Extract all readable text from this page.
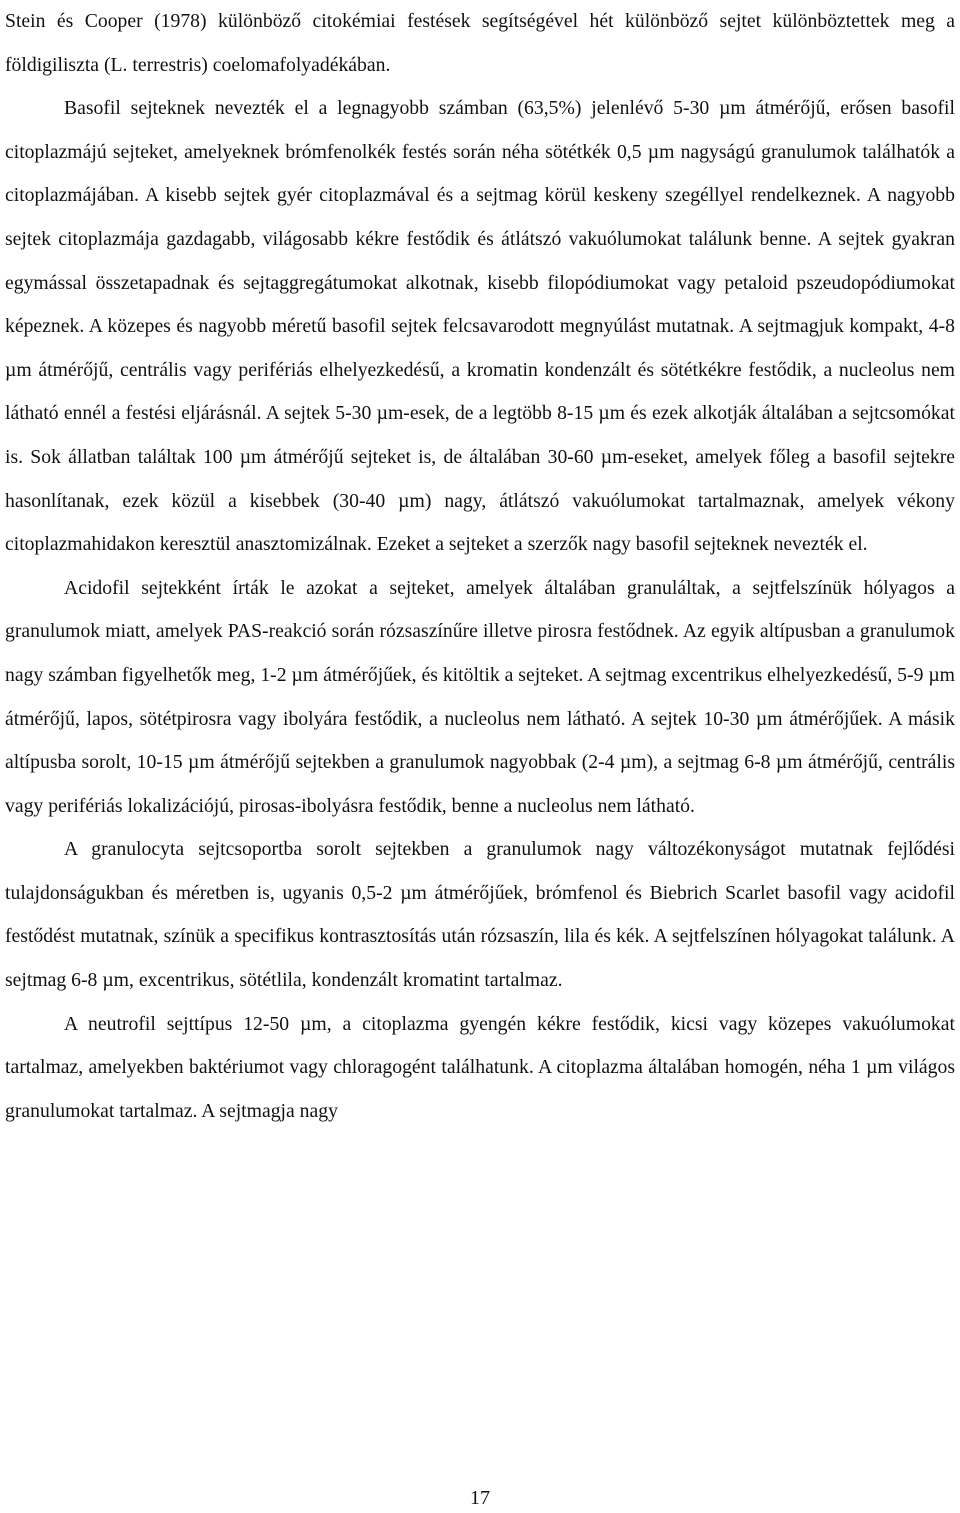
Stein és Cooper (1978) különböző citokémiai festések segítségével hét különböző sejtet különböztettek meg a földigiliszta (L. terrestris) coelomafolyadékában.

Basofil sejteknek nevezték el a legnagyobb számban (63,5%) jelenlévő 5-30 µm átmérőjű, erősen basofil citoplazmájú sejteket, amelyeknek brómfenolkék festés során néha sötétkék 0,5 µm nagyságú granulumok találhatók a citoplazmájában. A kisebb sejtek gyér citoplazmával és a sejtmag körül keskeny szegéllyel rendelkeznek. A nagyobb sejtek citoplazmája gazdagabb, világosabb kékre festődik és átlátszó vakuólumokat találunk benne. A sejtek gyakran egymással összetapadnak és sejtaggregátumokat alkotnak, kisebb filopódiumokat vagy petaloid pszeudopódiumokat képeznek. A közepes és nagyobb méretű basofil sejtek felcsavarodott megnyúlást mutatnak. A sejtmagjuk kompakt, 4-8 µm átmérőjű, centrális vagy perifériás elhelyezkedésű, a kromatin kondenzált és sötétkékre festődik, a nucleolus nem látható ennél a festési eljárásnál. A sejtek 5-30 µm-esek, de a legtöbb 8-15 µm és ezek alkotják általában a sejtcsomókat is. Sok állatban találtak 100 µm átmérőjű sejteket is, de általában 30-60 µm-eseket, amelyek főleg a basofil sejtekre hasonlítanak, ezek közül a kisebbek (30-40 µm) nagy, átlátszó vakuólumokat tartalmaznak, amelyek vékony citoplazmahidakon keresztül anasztomizálnak. Ezeket a sejteket a szerzők nagy basofil sejteknek nevezték el.

Acidofil sejtekként írták le azokat a sejteket, amelyek általában granuláltak, a sejtfelszínük hólyagos a granulumok miatt, amelyek PAS-reakció során rózsaszínűre illetve pirosra festődnek. Az egyik altípusban a granulumok nagy számban figyelhetők meg, 1-2 µm átmérőjűek, és kitöltik a sejteket. A sejtmag excentrikus elhelyezkedésű, 5-9 µm átmérőjű, lapos, sötétpirosra vagy ibolyára festődik, a nucleolus nem látható. A sejtek 10-30 µm átmérőjűek. A másik altípusba sorolt, 10-15 µm átmérőjű sejtekben a granulumok nagyobbak (2-4 µm), a sejtmag 6-8 µm átmérőjű, centrális vagy perifériás lokalizációjú, pirosas-ibolyásra festődik, benne a nucleolus nem látható.

A granulocyta sejtcsoportba sorolt sejtekben a granulumok nagy változékonyságot mutatnak fejlődési tulajdonságukban és méretben is, ugyanis 0,5-2 µm átmérőjűek, brómfenol és Biebrich Scarlet basofil vagy acidofil festődést mutatnak, színük a specifikus kontrasztosítás után rózsaszín, lila és kék. A sejtfelszínen hólyagokat találunk. A sejtmag 6-8 µm, excentrikus, sötétlila, kondenzált kromatint tartalmaz.

A neutrofil sejttípus 12-50 µm, a citoplazma gyengén kékre festődik, kicsi vagy közepes vakuólumokat tartalmaz, amelyekben baktériumot vagy chloragogént találhatunk. A citoplazma általában homogén, néha 1 µm világos granulumokat tartalmaz. A sejtmagja nagy

17
